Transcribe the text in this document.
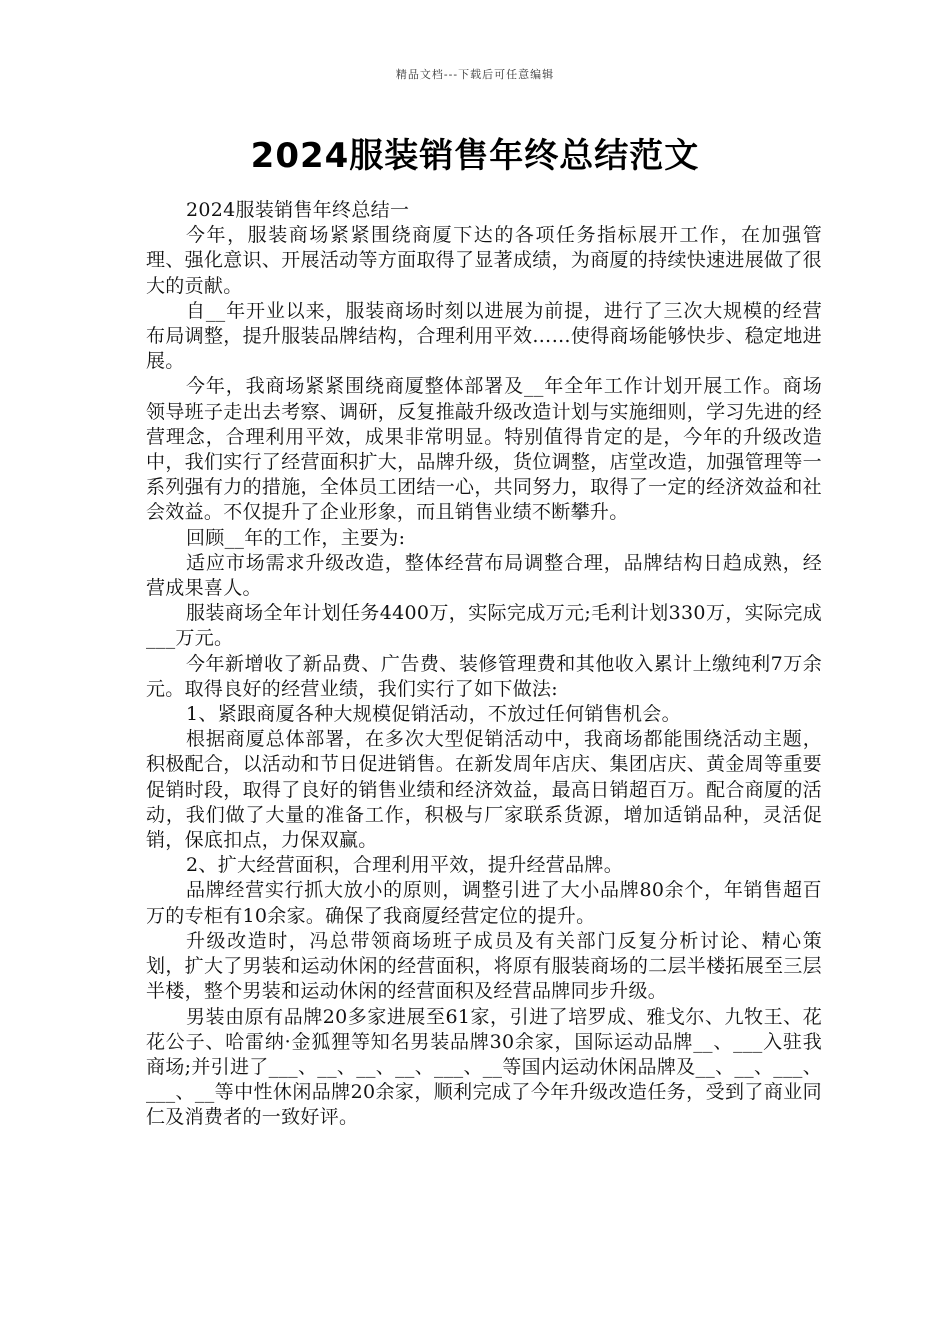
精品文档---下载后可任意编辑
2024服装销售年终总结范文

2024服装销售年终总结一

今年，服装商场紧紧围绕商厦下达的各项任务指标展开工作，在加强管理、强化意识、开展活动等方面取得了显著成绩，为商厦的持续快速进展做了很大的贡献。

自__年开业以来，服装商场时刻以进展为前提，进行了三次大规模的经营布局调整，提升服装品牌结构，合理利用平效……使得商场能够快步、稳定地进展。

今年，我商场紧紧围绕商厦整体部署及__年全年工作计划开展工作。商场领导班子走出去考察、调研，反复推敲升级改造计划与实施细则，学习先进的经营理念，合理利用平效，成果非常明显。特别值得肯定的是，今年的升级改造中，我们实行了经营面积扩大，品牌升级，货位调整，店堂改造，加强管理等一系列强有力的措施，全体员工团结一心，共同努力，取得了一定的经济效益和社会效益。不仅提升了企业形象，而且销售业绩不断攀升。

回顾__年的工作，主要为:

适应市场需求升级改造，整体经营布局调整合理，品牌结构日趋成熟，经营成果喜人。

服装商场全年计划任务4400万，实际完成万元;毛利计划330万，实际完成___万元。

今年新增收了新品费、广告费、装修管理费和其他收入累计上缴纯利7万余元。取得良好的经营业绩，我们实行了如下做法:

1、紧跟商厦各种大规模促销活动，不放过任何销售机会。

根据商厦总体部署，在多次大型促销活动中，我商场都能围绕活动主题，积极配合，以活动和节日促进销售。在新发周年店庆、集团店庆、黄金周等重要促销时段，取得了良好的销售业绩和经济效益，最高日销超百万。配合商厦的活动，我们做了大量的准备工作，积极与厂家联系货源，增加适销品种，灵活促销，保底扣点，力保双赢。

2、扩大经营面积，合理利用平效，提升经营品牌。

品牌经营实行抓大放小的原则，调整引进了大小品牌80余个，年销售超百万的专柜有10余家。确保了我商厦经营定位的提升。

升级改造时，冯总带领商场班子成员及有关部门反复分析讨论、精心策划，扩大了男装和运动休闲的经营面积，将原有服装商场的二层半楼拓展至三层半楼，整个男装和运动休闲的经营面积及经营品牌同步升级。

男装由原有品牌20多家进展至61家，引进了培罗成、雅戈尔、九牧王、花花公子、哈雷纳·金狐狸等知名男装品牌30余家，国际运动品牌__、___入驻我商场;并引进了___、__、__、__、___、__等国内运动休闲品牌及__、__、___、___、__等中性休闲品牌20余家，顺利完成了今年升级改造任务，受到了商业同仁及消费者的一致好评。
